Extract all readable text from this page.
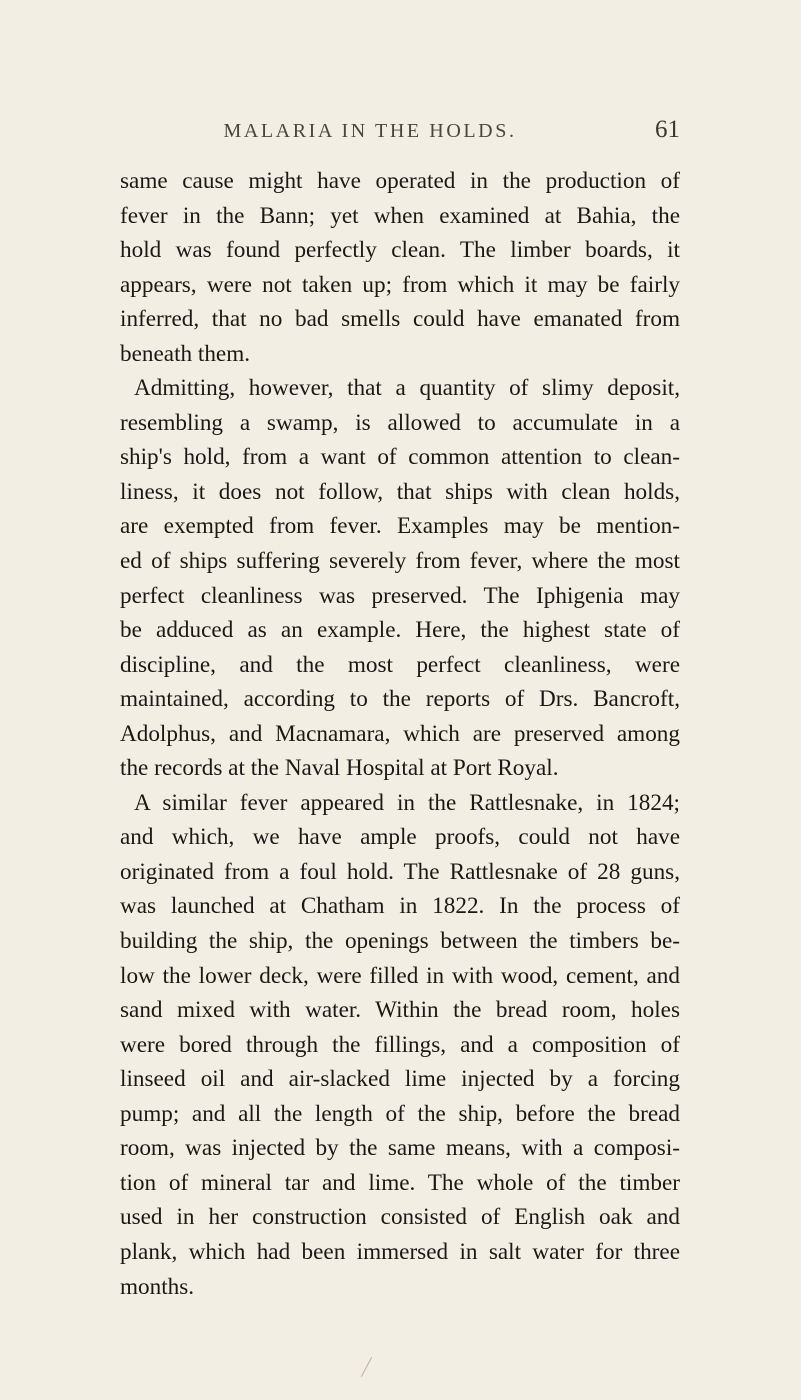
MALARIA IN THE HOLDS.	61
same cause might have operated in the production of
fever in the Bann; yet when examined at Bahia, the
hold was found perfectly clean. The limber boards, it
appears, were not taken up; from which it may be fairly
inferred, that no bad smells could have emanated from
beneath them.
Admitting, however, that a quantity of slimy deposit,
resembling a swamp, is allowed to accumulate in a
ship's hold, from a want of common attention to clean-
liness, it does not follow, that ships with clean holds,
are exempted from fever. Examples may be mention-
ed of ships suffering severely from fever, where the most
perfect cleanliness was preserved. The Iphigenia may
be adduced as an example. Here, the highest state of
discipline, and the most perfect cleanliness, were
maintained, according to the reports of Drs. Bancroft,
Adolphus, and Macnamara, which are preserved among
the records at the Naval Hospital at Port Royal.
A similar fever appeared in the Rattlesnake, in 1824;
and which, we have ample proofs, could not have
originated from a foul hold. The Rattlesnake of 28 guns,
was launched at Chatham in 1822. In the process of
building the ship, the openings between the timbers be-
low the lower deck, were filled in with wood, cement, and
sand mixed with water. Within the bread room, holes
were bored through the fillings, and a composition of
linseed oil and air-slacked lime injected by a forcing
pump; and all the length of the ship, before the bread
room, was injected by the same means, with a composi-
tion of mineral tar and lime. The whole of the timber
used in her construction consisted of English oak and
plank, which had been immersed in salt water for three
months.
